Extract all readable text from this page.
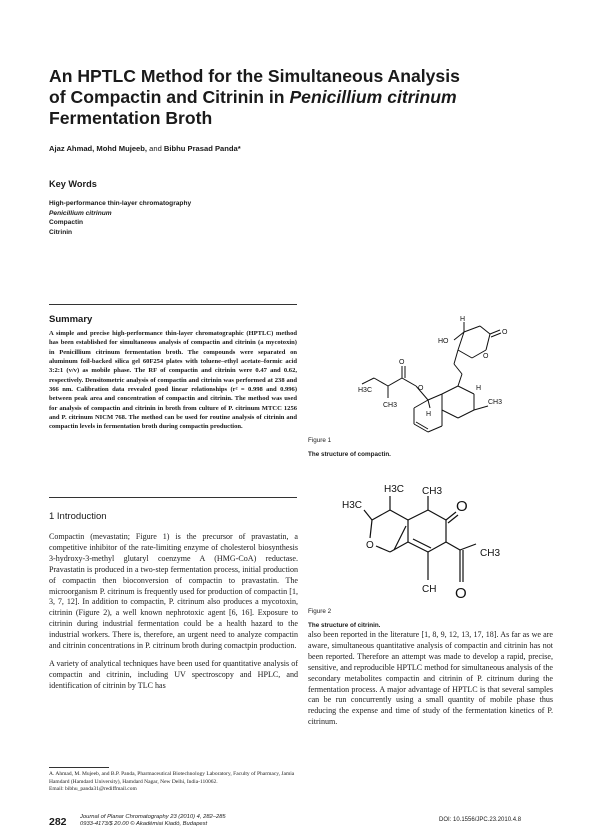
An HPTLC Method for the Simultaneous Analysis
of Compactin and Citrinin in Penicillium citrinum
Fermentation Broth
Ajaz Ahmad, Mohd Mujeeb, and Bibhu Prasad Panda*
Key Words
High-performance thin-layer chromatography
Penicillium citrinum
Compactin
Citrinin
Summary
A simple and precise high-performance thin-layer chromatographic (HPTLC) method has been established for simultaneous analysis of compactin and citrinin (a mycotoxin) in Penicillium citrinum fermentation broth. The compounds were separated on aluminum foil-backed silica gel 60F254 plates with toluene–ethyl acetate–formic acid 3:2:1 (v/v) as mobile phase. The RF of compactin and citrinin were 0.47 and 0.62, respectively. Densitometric analysis of compactin and citrinin was performed at 238 and 366 nm. Calibration data revealed good linear relationships (r² = 0.998 and 0.996) between peak area and concentration of compactin and citrinin. The method was used for analysis of compactin and citrinin in broth from culture of P. citrinum MTCC 1256 and P. citrinum NICM 768. The method can be used for routine analysis of citrinin and compactin levels in fermentation broth during compactin production.
1 Introduction

Compactin (mevastatin; Figure 1) is the precursor of pravastatin, a competitive inhibitor of the rate-limiting enzyme of cholesterol biosynthesis 3-hydroxy-3-methyl glutaryl coenzyme A (HMG-CoA) reductase. Pravastatin is produced in a two-step fermentation process, initial production of compactin then bioconversion of compactin to pravastatin. The microorganism P. citrinum is frequently used for production of compactin [1, 3, 7, 12]. In addition to compactin, P. citrinum also produces a mycotoxin, citrinin (Figure 2), a well known nephrotoxic agent [6, 16]. Exposure to citrinin during industrial fermentation could be a health hazard to the industrial workers. There is, therefore, an urgent need to analyze compactin and citrinin concentrations in P. citrinum broth during comactpin production.

A variety of analytical techniques have been used for quantitative analysis of compactin and citrinin, including UV spectroscopy and HPLC, and identification of citrinin by TLC has

also been reported in the literature [1, 8, 9, 12, 13, 17, 18]. As far as we are aware, simultaneous quantitative analysis of compactin and citrinin has not been reported. Therefore an attempt was made to develop a rapid, precise, sensitive, and reproducible HPTLC method for simultaneous analysis of the secondary metabolites compactin and citrinin of P. citrinum during the fermentation process. A major advantage of HPTLC is that several samples can be run concurrently using a small quantity of mobile phase thus reducing the expense and time of study of the fermentation kinetics of P. citrinum.

A. Ahmad, M. Mujeeb, and B.P. Panda, Pharmaceutical Biotechnology Laboratory, Faculty of Pharmacy, Jamia Hamdard (Hamdard University), Hamdard Nagar, New Delhi, India-110062.
Email: bibhu_panda31@rediffmail.com
H
HO
O
O
O
O
H3C
CH3
H
CH3
H
Figure 1
The structure of compactin.
H3C CH3
H3C
O
CH3
CH
O
O
Figure 2
The structure of citrinin.
282 Journal of Planar Chromatography 23 (2010) 4, 282–285
0933-4173/$ 20.00 © Akadémiai Kiadó, Budapest
DOI: 10.1556/JPC.23.2010.4.8
